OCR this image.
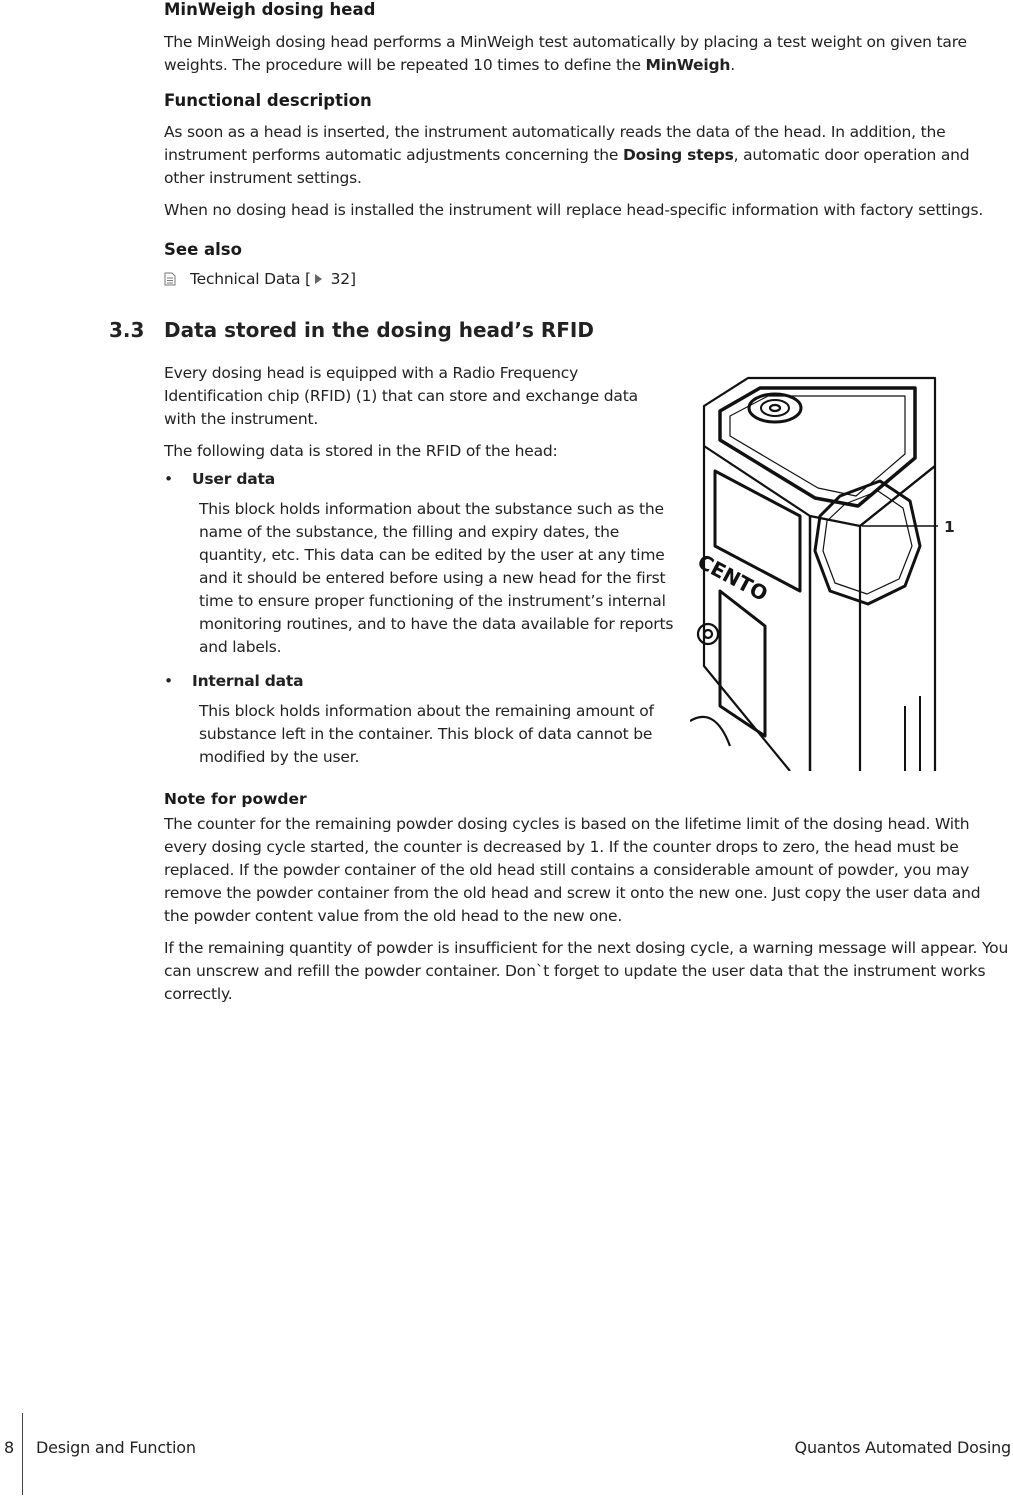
MinWeigh dosing head
The MinWeigh dosing head performs a MinWeigh test automatically by placing a test weight on given tare weights. The procedure will be repeated 10 times to define the MinWeigh.
Functional description

As soon as a head is inserted, the instrument automatically reads the data of the head. In addition, the instrument performs automatic adjustments concerning the Dosing steps, automatic door operation and other instrument settings.

When no dosing head is installed the instrument will replace head-specific information with factory settings.

See also
Technical Data [ 32]
3.3 Data stored in the dosing head’s RFID

Every dosing head is equipped with a Radio Frequency Identification chip (RFID) (1) that can store and exchange data with the instrument.

The following data is stored in the RFID of the head:

• User data
This block holds information about the substance such as the name of the substance, the filling and expiry dates, the quantity, etc. This data can be edited by the user at any time and it should be entered before using a new head for the first time to ensure proper functioning of the instrument’s internal monitoring routines, and to have the data available for reports and labels.
• Internal data
This block holds information about the remaining amount of substance left in the container. This block of data cannot be modified by the user.
CENTO
1
Note for powder

The counter for the remaining powder dosing cycles is based on the lifetime limit of the dosing head. With every dosing cycle started, the counter is decreased by 1. If the counter drops to zero, the head must be replaced. If the powder container of the old head still contains a considerable amount of powder, you may remove the powder container from the old head and screw it onto the new one. Just copy the user data and the powder content value from the old head to the new one.

If the remaining quantity of powder is insufficient for the next dosing cycle, a warning message will appear. You can unscrew and refill the powder container. Don`t forget to update the user data that the instrument works correctly.

8 Design and Function	Quantos Automated Dosing
